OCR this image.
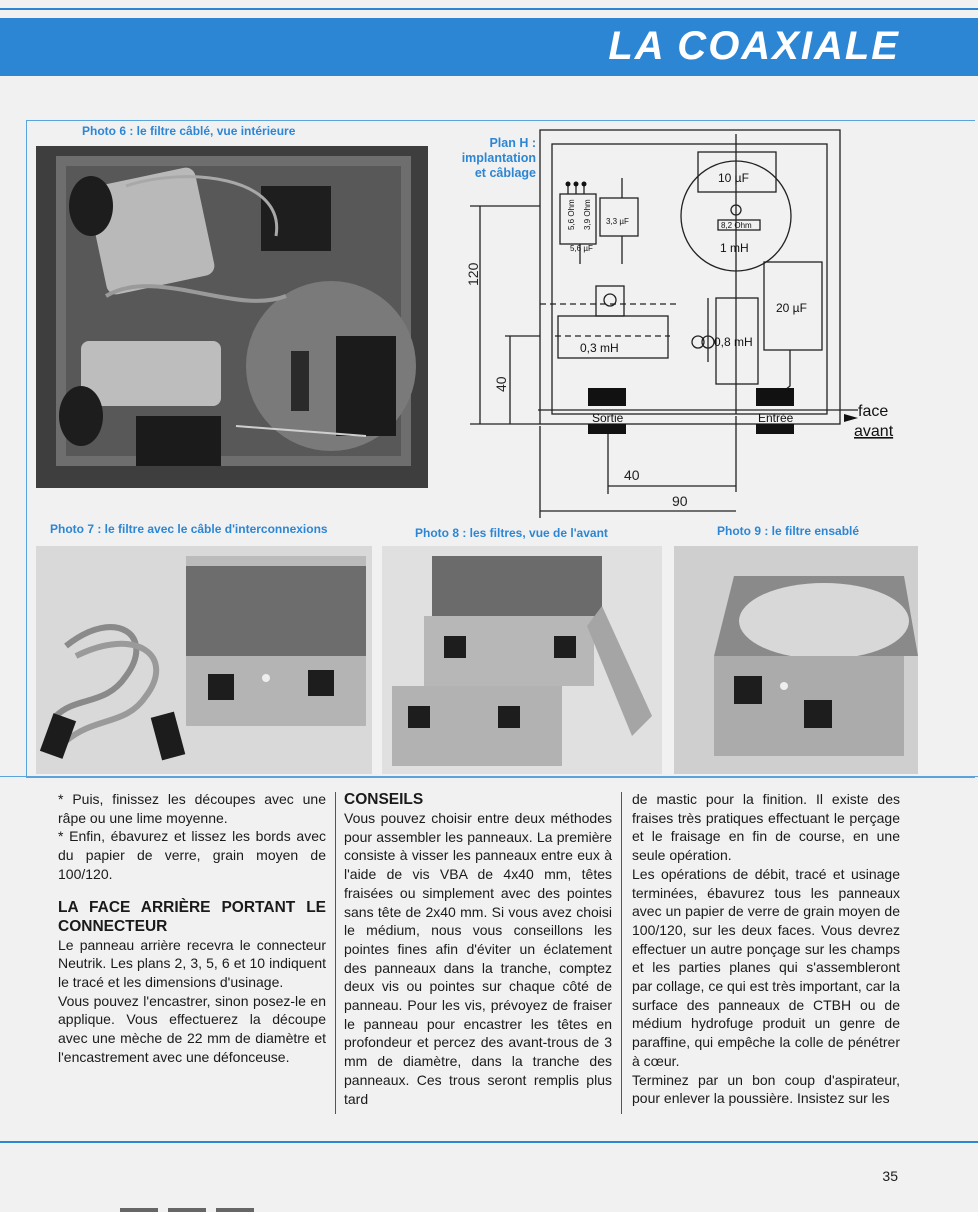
LA COAXIALE
Photo 6 : le filtre câblé, vue intérieure
Plan H :
implantation
et câblage	10 µF
8,2 Ohm
1 mH
20 µF
3,3 µF
5,6 µF
5,6 Ohm 3,9 Ohm
0,3 mH	0,8 mH
Sortie	Entrée	face
avant
120
40
40
90
Photo 7 : le filtre avec le câble d'interconnexions	Photo 8 : les filtres, vue de l'avant	Photo 9 : le filtre ensablé

* Puis, finissez les découpes avec une râpe ou une lime moyenne.

* Enfin, ébavurez et lissez les bords avec du papier de verre, grain moyen de 100/120.

LA FACE ARRIÈRE PORTANT LE CONNECTEUR

Le panneau arrière recevra le connecteur Neutrik. Les plans 2, 3, 5, 6 et 10 indiquent le tracé et les dimensions d'usinage.

Vous pouvez l'encastrer, sinon posez-le en applique. Vous effectuerez la découpe avec une mèche de 22 mm de diamètre et l'encastrement avec une défonceuse.

CONSEILS

Vous pouvez choisir entre deux méthodes pour assembler les panneaux. La première consiste à visser les panneaux entre eux à l'aide de vis VBA de 4x40 mm, têtes fraisées ou simplement avec des pointes sans tête de 2x40 mm. Si vous avez choisi le médium, nous vous conseillons les pointes fines afin d'éviter un éclatement des panneaux dans la tranche, comptez deux vis ou pointes sur chaque côté de panneau. Pour les vis, prévoyez de fraiser le panneau pour encastrer les têtes en profondeur et percez des avant-trous de 3 mm de diamètre, dans la tranche des panneaux. Ces trous seront remplis plus tard

de mastic pour la finition. Il existe des fraises très pratiques effectuant le perçage et le fraisage en fin de course, en une seule opération.

Les opérations de débit, tracé et usinage terminées, ébavurez tous les panneaux avec un papier de verre de grain moyen de 100/120, sur les deux faces. Vous devrez effectuer un autre ponçage sur les champs et les parties planes qui s'assembleront par collage, ce qui est très important, car la surface des panneaux de CTBH ou de médium hydrofuge produit un genre de paraffine, qui empêche la colle de pénétrer à cœur.

Terminez par un bon coup d'aspirateur, pour enlever la poussière. Insistez sur les

35
